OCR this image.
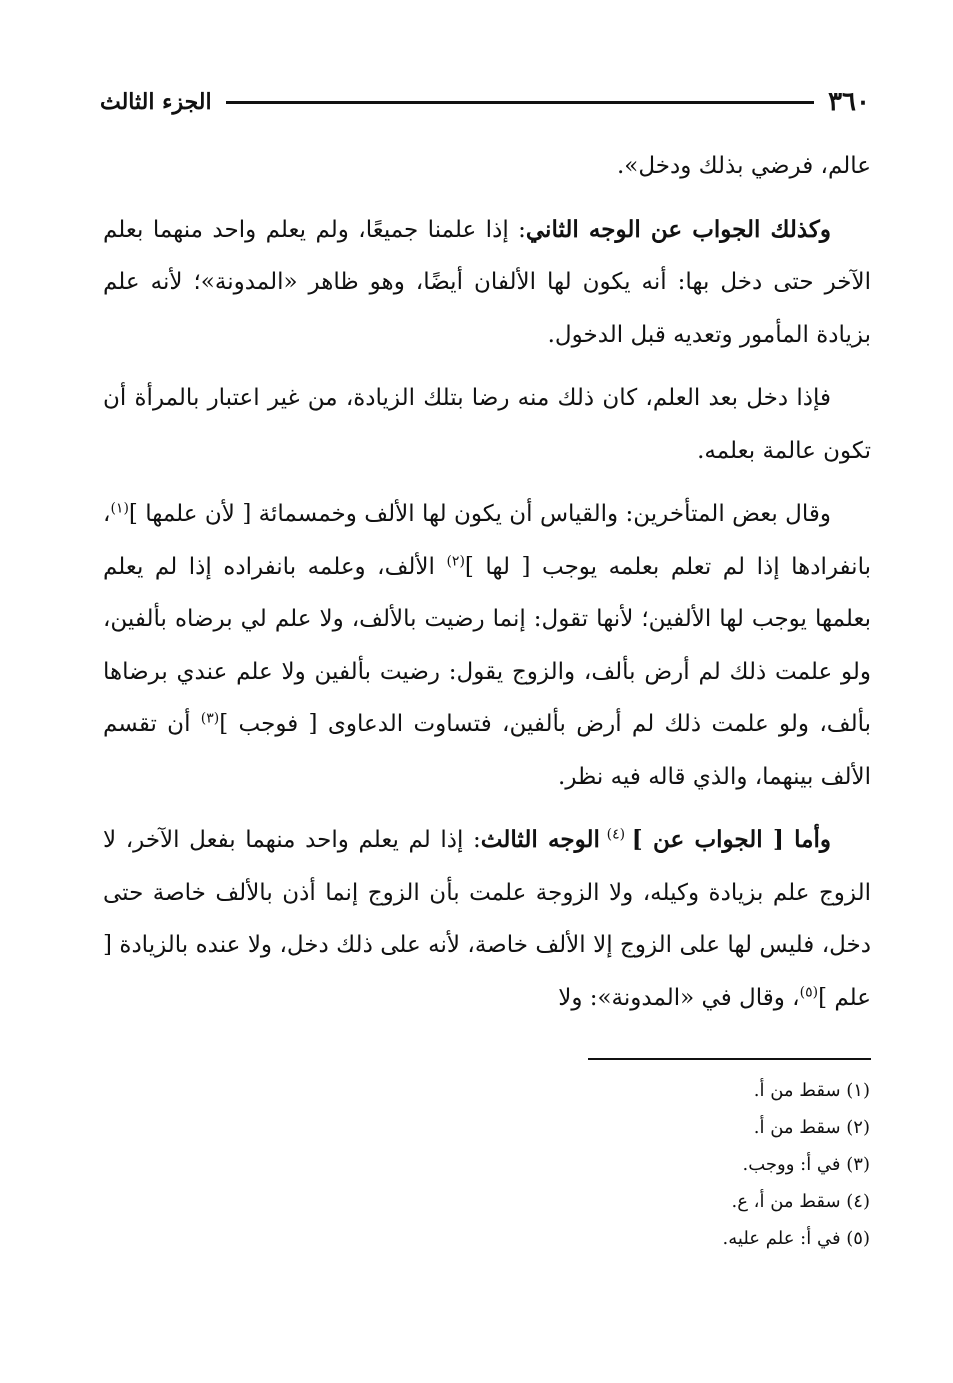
٣٦٠
الجزء الثالث

عالم، فرضي بذلك ودخل».

وكذلك الجواب عن الوجه الثاني: إذا علمنا جميعًا، ولم يعلم واحد منهما بعلم الآخر حتى دخل بها: أنه يكون لها الألفان أيضًا، وهو ظاهر «المدونة»؛ لأنه علم بزيادة المأمور وتعديه قبل الدخول.

فإذا دخل بعد العلم، كان ذلك منه رضا بتلك الزيادة، من غير اعتبار بالمرأة أن تكون عالمة بعلمه.

وقال بعض المتأخرين: والقياس أن يكون لها الألف وخمسمائة [ لأن علمها ]$^{(١)}$، بانفرادها إذا لم تعلم بعلمه يوجب [ لها ]$^{(٢)}$ الألف، وعلمه بانفراده إذا لم يعلم بعلمها يوجب لها الألفين؛ لأنها تقول: إنما رضيت بالألف، ولا علم لي برضاه بألفين، ولو علمت ذلك لم أرض بألف، والزوج يقول: رضيت بألفين ولا علم عندي برضاها بألف، ولو علمت ذلك لم أرض بألفين، فتساوت الدعاوى [ فوجب ]$^{(٣)}$ أن تقسم الألف بينهما، والذي قاله فيه نظر.

وأما [ الجواب عن ] $^{(٤)}$ الوجه الثالث: إذا لم يعلم واحد منهما بفعل الآخر، لا الزوج علم بزيادة وكيله، ولا الزوجة علمت بأن الزوج إنما أذن بالألف خاصة حتى دخل، فليس لها على الزوج إلا الألف خاصة، لأنه على ذلك دخل، ولا عنده بالزيادة [ علم ]$^{(٥)}$، وقال في «المدونة»: ولا

(١) سقط من أ.
(٢) سقط من أ.
(٣) في أ: ووجب.
(٤) سقط من أ، ع.
(٥) في أ: علم عليه.
